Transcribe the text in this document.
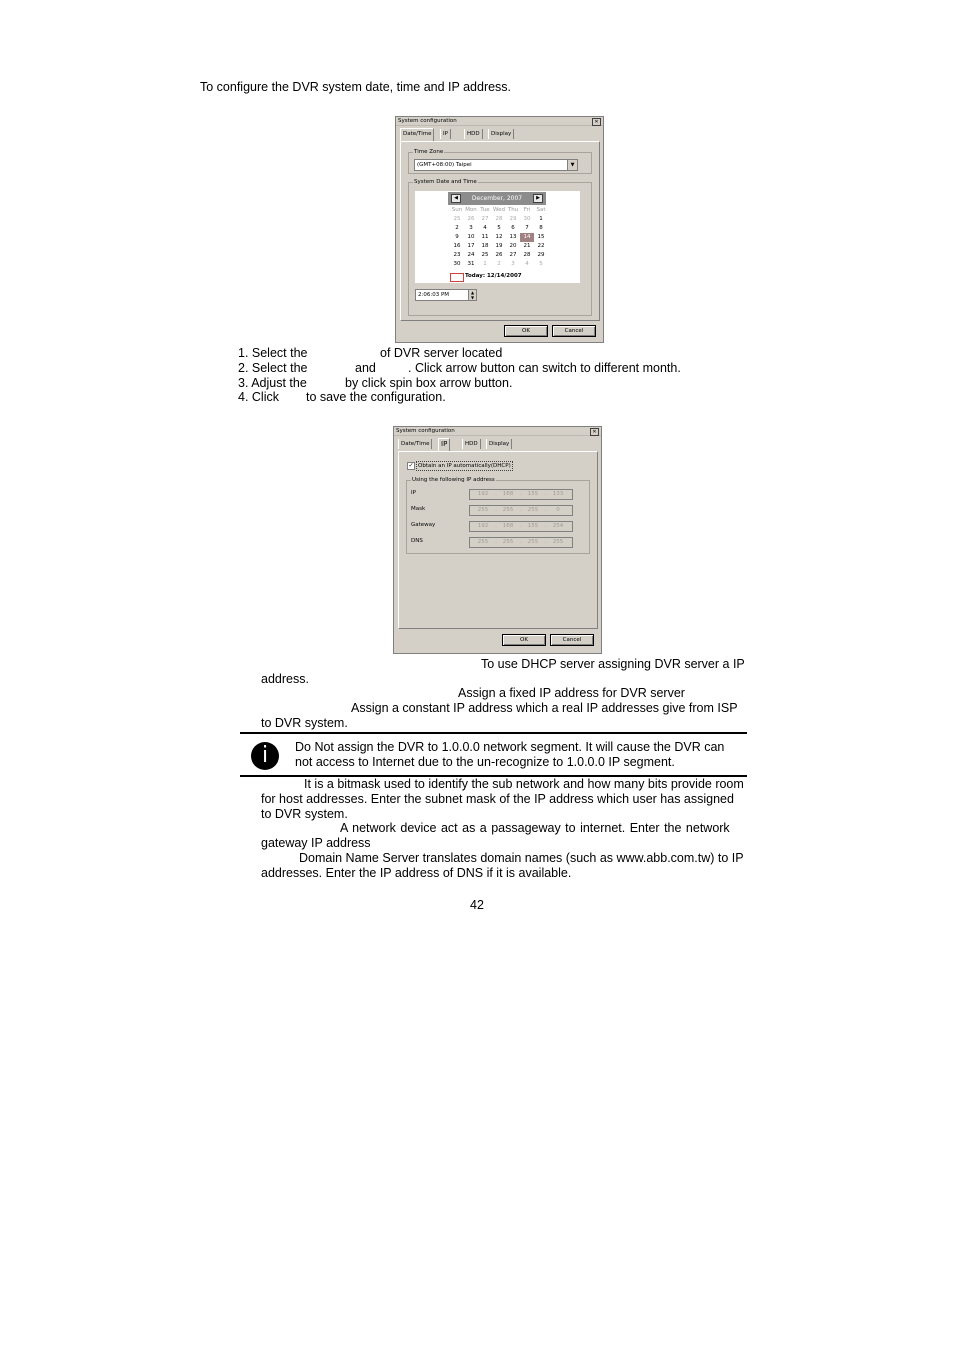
To configure the DVR system date, time and IP address.
System configuration	✕
Date/Time	IP	HDD	Display
Time Zone
(GMT+08:00) Taipei	▼
System Date and Time
◀	December, 2007	▶
Sun Mon Tue Wed Thu	Fri	Sat
25	26	27	28	29	30	1
2	3	4	5	6	7	8
9	10	11	12	13	14	15
16	17	18	19	20	21	22
23	24	25	26	27	28	29
30	31	1	2	3	4	5
Today: 12/14/2007
2:06:03 PM	▲
▼
OK	Cancel
1. Select the	of DVR server located
2. Select the	and	. Click arrow button can switch to different month.
3. Adjust the	by click spin box arrow button.
4. Click to save the configuration.
System configuration	✕
Date/Time	IP	HDD	Display
✓ Obtain an IP automatically(DHCP)
Using the following IP address
IP	192	.	168	.	155	.	133
Mask	255	.	255	.	255	.	0
Gateway	192	.	168	.	155	.	254
DNS	255	.	255	.	255	.	255
OK	Cancel
To use DHCP server assigning DVR server a IP
address.
Assign a fixed IP address for DVR server
Assign a constant IP address which a real IP addresses give from ISP
to DVR system.
i	Do Not assign the DVR to 1.0.0.0 network segment. It will cause the DVR can
not access to Internet due to the un-recognize to 1.0.0.0 IP segment.
It is a bitmask used to identify the sub network and how many bits provide room
for host addresses. Enter the subnet mask of the IP address which user has assigned
to DVR system.
A network device act as a passageway to internet. Enter the network
gateway IP address
Domain Name Server translates domain names (such as www.abb.com.tw) to IP
addresses. Enter the IP address of DNS if it is available.
42
